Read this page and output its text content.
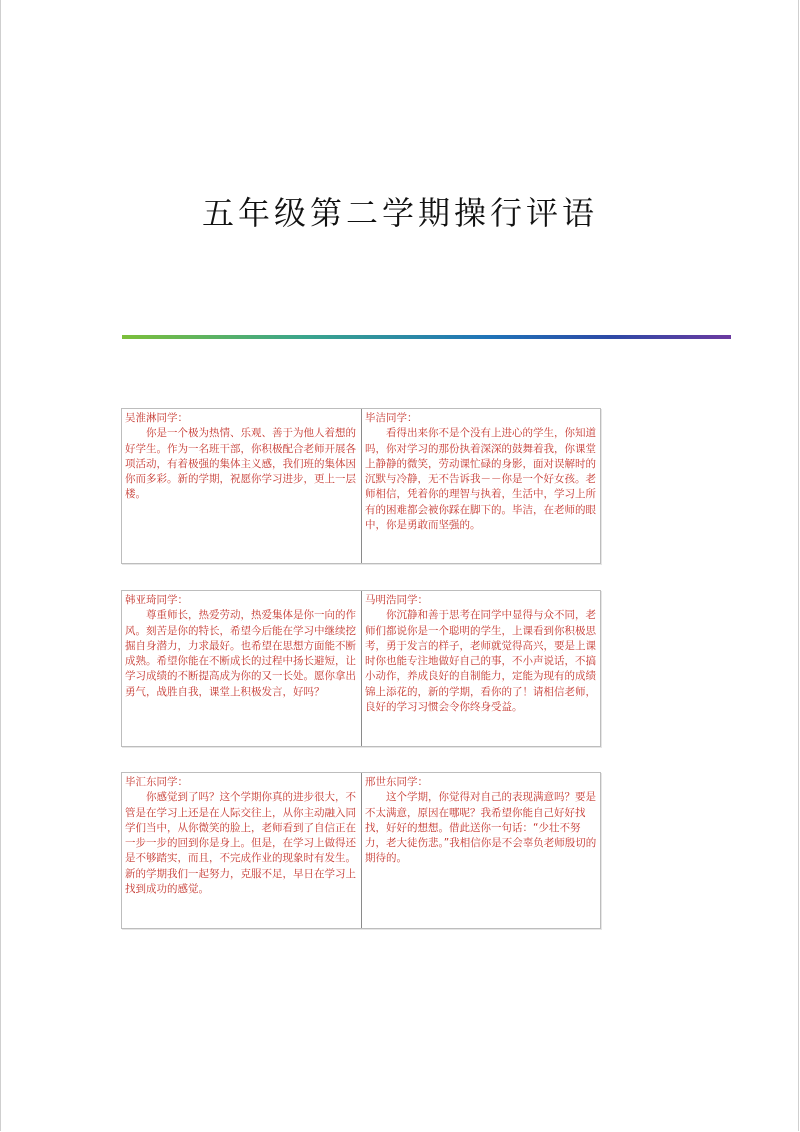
五年级第二学期操行评语
吴淮淋同学：
你是一个极为热情、乐观、善于为他人着想的好学生。作为一名班干部，你积极配合老师开展各项活动，有着极强的集体主义感，我们班的集体因你而多彩。新的学期，祝愿你学习进步，更上一层楼。
毕洁同学：
看得出来你不是个没有上进心的学生，你知道吗，你对学习的那份执着深深的鼓舞着我，你课堂上静静的微笑，劳动课忙碌的身影，面对误解时的沉默与冷静，无不告诉我－－你是一个好女孩。老师相信，凭着你的理智与执着，生活中，学习上所有的困难都会被你踩在脚下的。毕洁，在老师的眼中，你是勇敢而坚强的。
韩亚琦同学：
尊重师长，热爱劳动，热爱集体是你一向的作风。刻苦是你的特长，希望今后能在学习中继续挖掘自身潜力，力求最好。也希望在思想方面能不断成熟。希望你能在不断成长的过程中扬长避短，让学习成绩的不断提高成为你的又一长处。愿你拿出勇气，战胜自我，课堂上积极发言，好吗？
马明浩同学：
你沉静和善于思考在同学中显得与众不同，老师们都说你是一个聪明的学生，上课看到你积极思考，勇于发言的样子，老师就觉得高兴，要是上课时你也能专注地做好自己的事，不小声说话，不搞小动作，养成良好的自制能力，定能为现有的成绩锦上添花的，新的学期，看你的了！请相信老师，良好的学习习惯会令你终身受益。
毕汇东同学：
你感觉到了吗？这个学期你真的进步很大，不管是在学习上还是在人际交往上，从你主动融入同学们当中，从你微笑的脸上，老师看到了自信正在一步一步的回到你是身上。但是，在学习上做得还是不够踏实，而且，不完成作业的现象时有发生。新的学期我们一起努力，克服不足，早日在学习上找到成功的感觉。
邢世东同学：
这个学期，你觉得对自己的表现满意吗？要是不太满意，原因在哪呢？我希望你能自己好好找找，好好的想想。借此送你一句话：“少壮不努力，老大徒伤悲。”我相信你是不会辜负老师殷切的期待的。
